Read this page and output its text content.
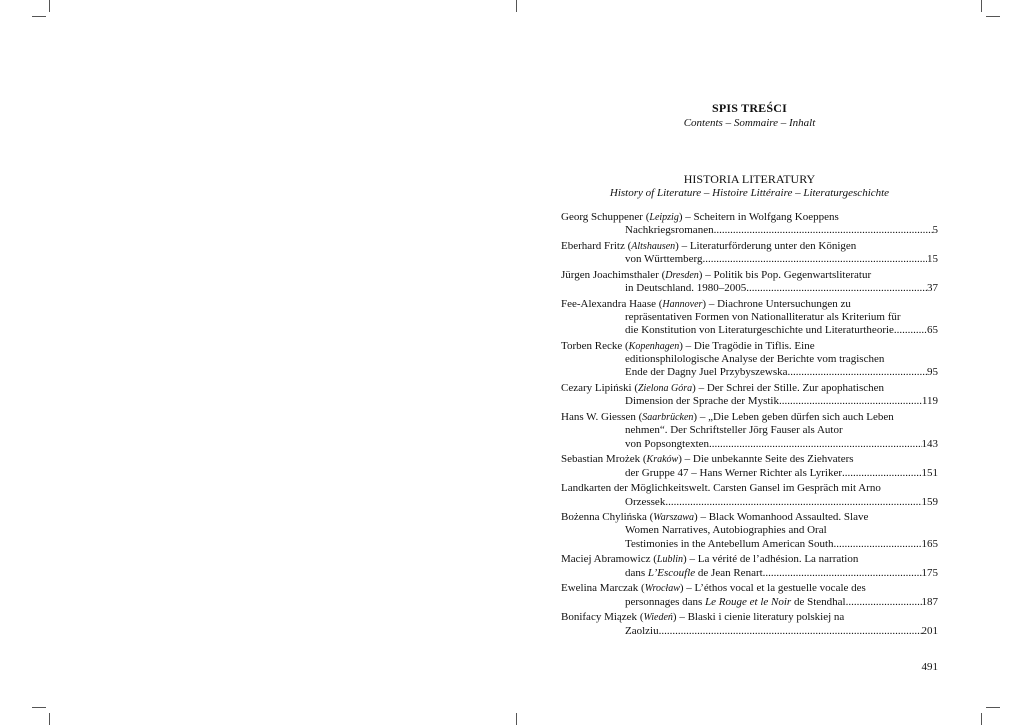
SPIS TREŚCI
Contents – Sommaire – Inhalt
HISTORIA LITERATURY
History of Literature – Histoire Littéraire – Literaturgeschichte
Georg Schuppener (Leipzig) – Scheitern in Wolfgang Koeppens
Nachkriegsromanen .....	5
Eberhard Fritz (Altshausen) – Literaturförderung unter den Königen
von Württemberg .....	15
Jürgen Joachimsthaler (Dresden) – Politik bis Pop. Gegenwartsliteratur
in Deutschland. 1980–2005 .....	37
Fee-Alexandra Haase (Hannover) – Diachrone Untersuchungen zu
repräsentativen Formen von Nationalliteratur als Kriterium für
die Konstitution von Literaturgeschichte und Literaturtheorie .....	65
Torben Recke (Kopenhagen) – Die Tragödie in Tiflis. Eine
editionsphilologische Analyse der Berichte vom tragischen
Ende der Dagny Juel Przybyszewska .....	95
Cezary Lipiński (Zielona Góra) – Der Schrei der Stille. Zur apophatischen
Dimension der Sprache der Mystik .....	119
Hans W. Giessen (Saarbrücken) – „Die Leben geben dürfen sich auch Leben
nehmen“. Der Schriftsteller Jörg Fauser als Autor
von Popsongtexten .....	143
Sebastian Mrożek (Kraków) – Die unbekannte Seite des Ziehvaters
der Gruppe 47 – Hans Werner Richter als Lyriker .....	151
Landkarten der Möglichkeitswelt. Carsten Gansel im Gespräch mit Arno
Orzessek .....	159
Bożenna Chylińska (Warszawa) – Black Womanhood Assaulted. Slave
Women Narratives, Autobiographies and Oral
Testimonies in the Antebellum American South .....	165
Maciej Abramowicz (Lublin) – La vérité de l’adhésion. La narration
dans L’Escoufle de Jean Renart .....	175
Ewelina Marczak (Wrocław) – L’éthos vocal et la gestuelle vocale des
personnages dans Le Rouge et le Noir de Stendhal .....	187
Bonifacy Miązek (Wiedeń) – Blaski i cienie literatury polskiej na
Zaolziu .....	201
491
